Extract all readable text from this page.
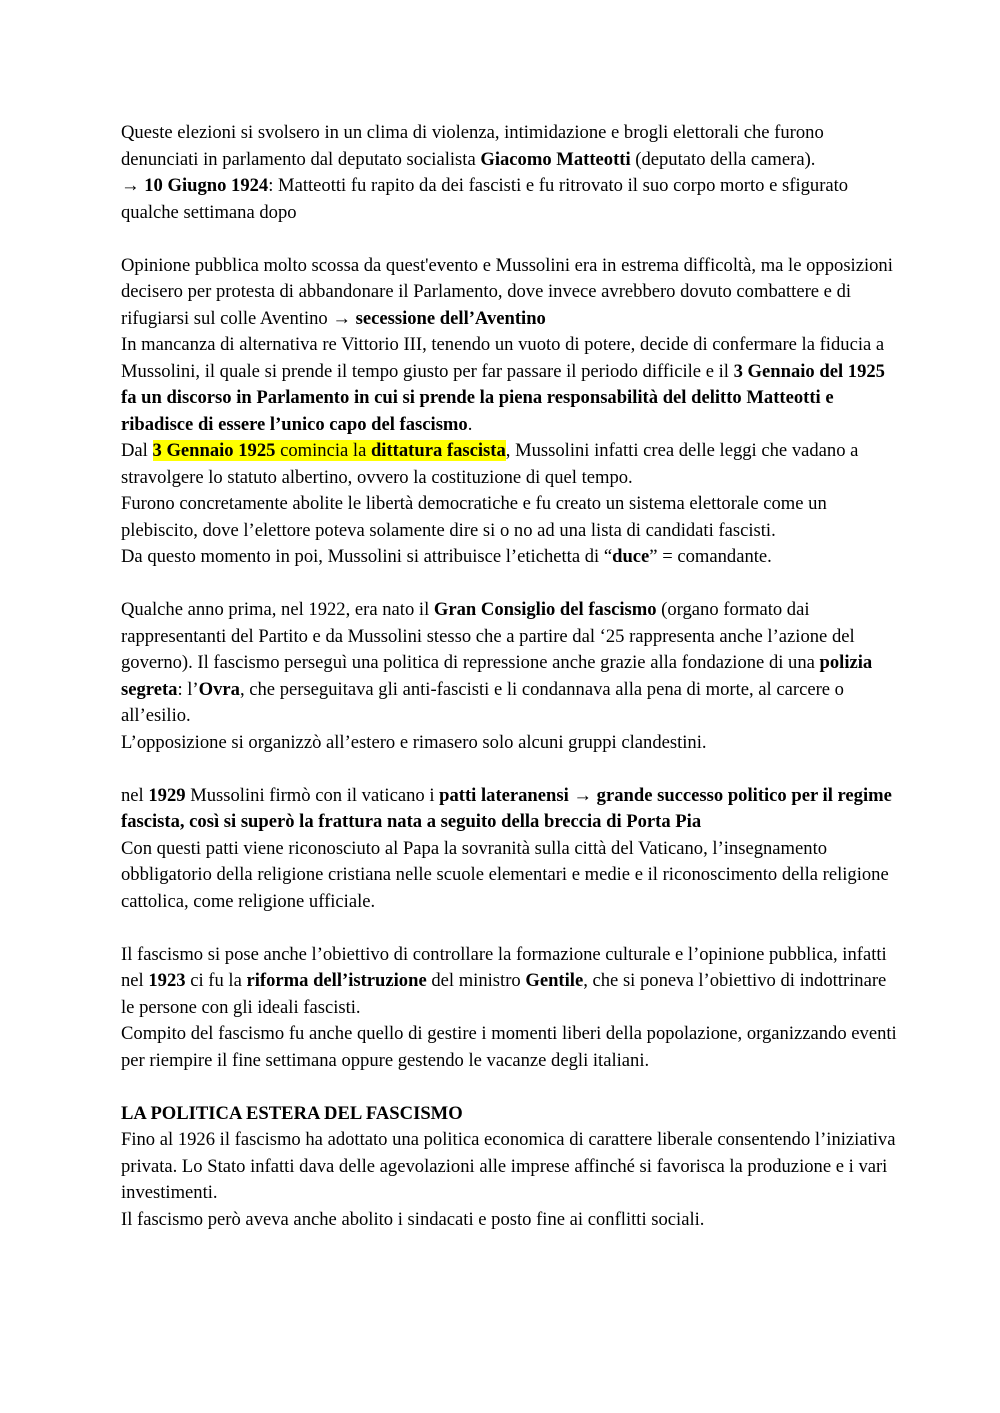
Queste elezioni si svolsero in un clima di violenza, intimidazione e brogli elettorali che furono denunciati in parlamento dal deputato socialista Giacomo Matteotti (deputato della camera).

→ 10 Giugno 1924: Matteotti fu rapito da dei fascisti e fu ritrovato il suo corpo morto e sfigurato qualche settimana dopo

Opinione pubblica molto scossa da quest'evento e Mussolini era in estrema difficoltà, ma le opposizioni decisero per protesta di abbandonare il Parlamento, dove invece avrebbero dovuto combattere e di rifugiarsi sul colle Aventino → secessione dell’Aventino

In mancanza di alternativa re Vittorio III, tenendo un vuoto di potere, decide di confermare la fiducia a Mussolini, il quale si prende il tempo giusto per far passare il periodo difficile e il 3 Gennaio del 1925 fa un discorso in Parlamento in cui si prende la piena responsabilità del delitto Matteotti e ribadisce di essere l’unico capo del fascismo.

Dal 3 Gennaio 1925 comincia la dittatura fascista, Mussolini infatti crea delle leggi che vadano a stravolgere lo statuto albertino, ovvero la costituzione di quel tempo.

Furono concretamente abolite le libertà democratiche e fu creato un sistema elettorale come un plebiscito, dove l’elettore poteva solamente dire si o no ad una lista di candidati fascisti.

Da questo momento in poi, Mussolini si attribuisce l’etichetta di “duce” = comandante.

Qualche anno prima, nel 1922, era nato il Gran Consiglio del fascismo (organo formato dai rappresentanti del Partito e da Mussolini stesso che a partire dal ‘25 rappresenta anche l’azione del governo). Il fascismo perseguì una politica di repressione anche grazie alla fondazione di una polizia segreta: l’Ovra, che perseguitava gli anti-fascisti e li condannava alla pena di morte, al carcere o all’esilio.

L’opposizione si organizzò all’estero e rimasero solo alcuni gruppi clandestini.

nel 1929 Mussolini firmò con il vaticano i patti lateranensi → grande successo politico per il regime fascista, così si superò la frattura nata a seguito della breccia di Porta Pia

Con questi patti viene riconosciuto al Papa la sovranità sulla città del Vaticano, l’insegnamento obbligatorio della religione cristiana nelle scuole elementari e medie e il riconoscimento della religione cattolica, come religione ufficiale.

Il fascismo si pose anche l’obiettivo di controllare la formazione culturale e l’opinione pubblica, infatti nel 1923 ci fu la riforma dell’istruzione del ministro Gentile, che si poneva l’obiettivo di indottrinare le persone con gli ideali fascisti.

Compito del fascismo fu anche quello di gestire i momenti liberi della popolazione, organizzando eventi per riempire il fine settimana oppure gestendo le vacanze degli italiani.

LA POLITICA ESTERA DEL FASCISMO

Fino al 1926 il fascismo ha adottato una politica economica di carattere liberale consentendo l’iniziativa privata. Lo Stato infatti dava delle agevolazioni alle imprese affinché si favorisca la produzione e i vari investimenti.

Il fascismo però aveva anche abolito i sindacati e posto fine ai conflitti sociali.
